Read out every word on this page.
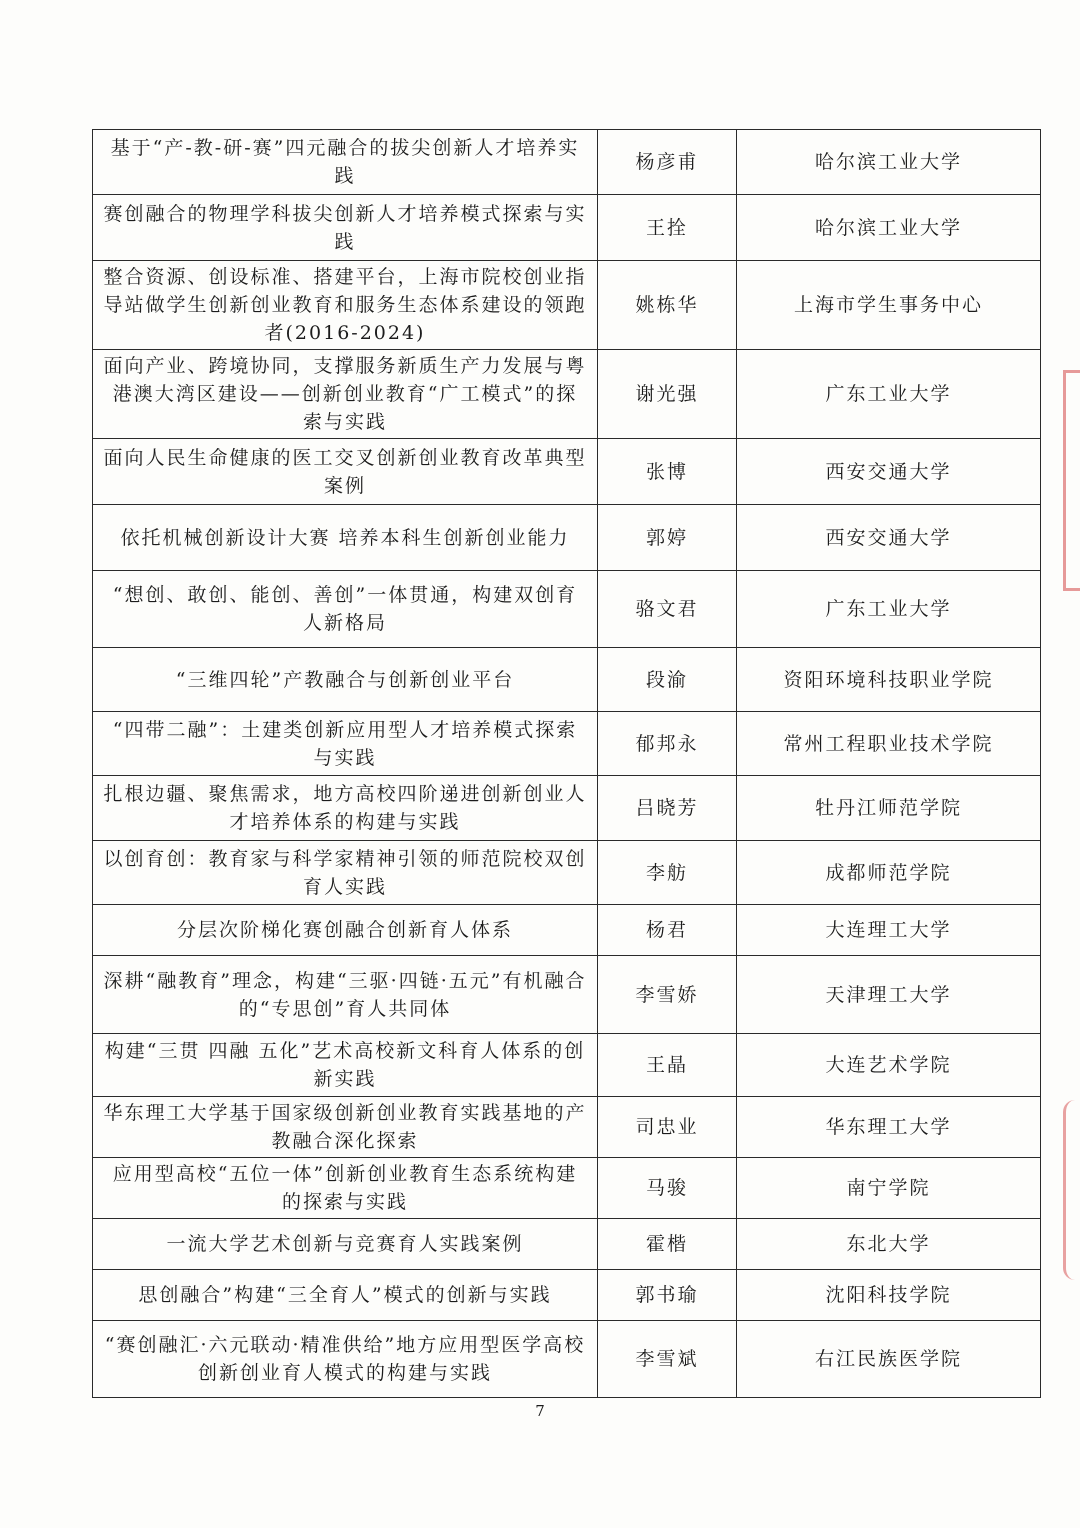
基于“产-教-研-赛”四元融合的拔尖创新人才培养实践	杨彦甫	哈尔滨工业大学
赛创融合的物理学科拔尖创新人才培养模式探索与实践	王拴	哈尔滨工业大学
整合资源、创设标准、搭建平台，上海市院校创业指导站做学生创新创业教育和服务生态体系建设的领跑者(2016-2024)	姚栋华	上海市学生事务中心
面向产业、跨境协同，支撑服务新质生产力发展与粤港澳大湾区建设——创新创业教育“广工模式”的探索与实践	谢光强	广东工业大学
面向人民生命健康的医工交叉创新创业教育改革典型案例	张博	西安交通大学
依托机械创新设计大赛 培养本科生创新创业能力	郭婷	西安交通大学
“想创、敢创、能创、善创”一体贯通，构建双创育人新格局	骆文君	广东工业大学
“三维四轮”产教融合与创新创业平台	段渝	资阳环境科技职业学院
“四带二融”：土建类创新应用型人才培养模式探索与实践	郁邦永	常州工程职业技术学院
扎根边疆、聚焦需求，地方高校四阶递进创新创业人才培养体系的构建与实践	吕晓芳	牡丹江师范学院
以创育创：教育家与科学家精神引领的师范院校双创育人实践	李舫	成都师范学院
分层次阶梯化赛创融合创新育人体系	杨君	大连理工大学
深耕“融教育”理念，构建“三驱·四链·五元”有机融合的“专思创”育人共同体	李雪娇	天津理工大学
构建“三贯 四融 五化”艺术高校新文科育人体系的创新实践	王晶	大连艺术学院
华东理工大学基于国家级创新创业教育实践基地的产教融合深化探索	司忠业	华东理工大学
应用型高校“五位一体”创新创业教育生态系统构建的探索与实践	马骏	南宁学院
一流大学艺术创新与竞赛育人实践案例	霍楷	东北大学
思创融合”构建“三全育人”模式的创新与实践	郭书瑜	沈阳科技学院
“赛创融汇·六元联动·精准供给”地方应用型医学高校创新创业育人模式的构建与实践	李雪斌	右江民族医学院
7
